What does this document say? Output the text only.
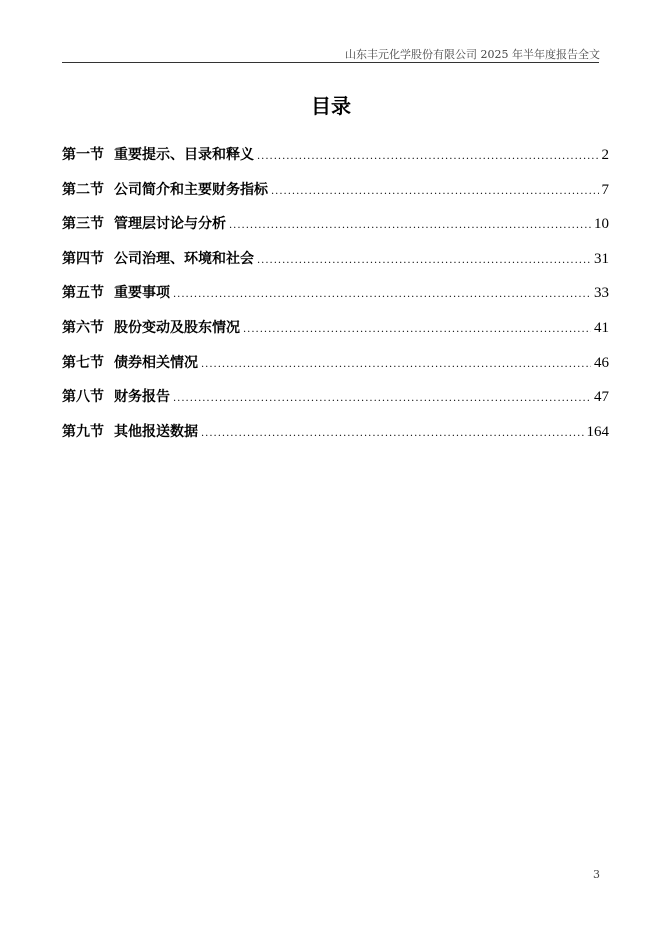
山东丰元化学股份有限公司 2025 年半年度报告全文
目录
第一节 重要提示、目录和释义 .....	2
第二节 公司简介和主要财务指标 .....	7
第三节 管理层讨论与分析 .....	10
第四节 公司治理、环境和社会 .....	31
第五节 重要事项 .....	33
第六节 股份变动及股东情况 .....	41
第七节 债券相关情况 .....	46
第八节 财务报告 .....	47
第九节 其他报送数据 .....	164
3
